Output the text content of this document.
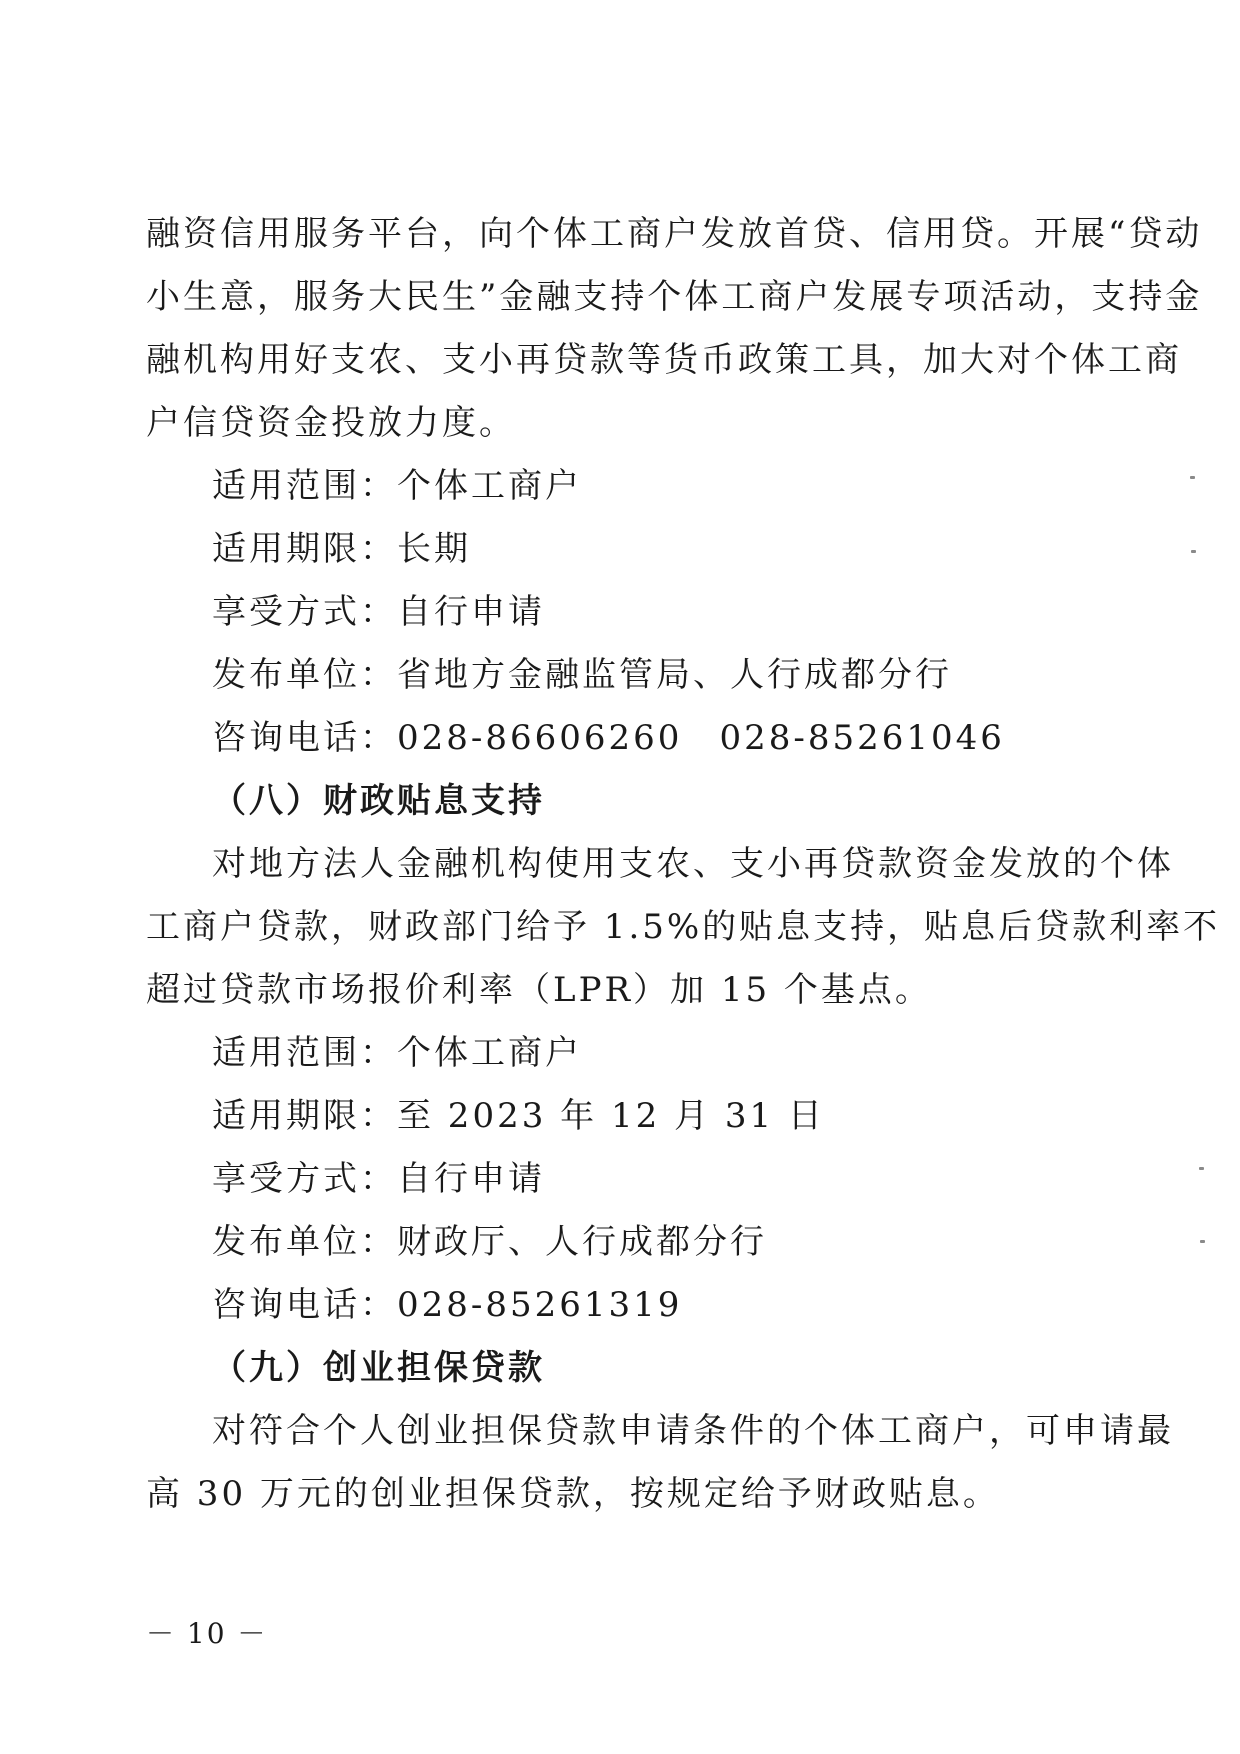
融资信用服务平台，向个体工商户发放首贷、信用贷。开展“贷动
小生意，服务大民生”金融支持个体工商户发展专项活动，支持金
融机构用好支农、支小再贷款等货币政策工具，加大对个体工商
户信贷资金投放力度。
适用范围：个体工商户
适用期限：长期
享受方式：自行申请
发布单位：省地方金融监管局、人行成都分行
咨询电话：028-86606260　028-85261046
（八）财政贴息支持
对地方法人金融机构使用支农、支小再贷款资金发放的个体
工商户贷款，财政部门给予 1.5%的贴息支持，贴息后贷款利率不
超过贷款市场报价利率（LPR）加 15 个基点。
适用范围：个体工商户
适用期限：至 2023 年 12 月 31 日
享受方式：自行申请
发布单位：财政厅、人行成都分行
咨询电话：028-85261319
（九）创业担保贷款
对符合个人创业担保贷款申请条件的个体工商户，可申请最
高 30 万元的创业担保贷款，按规定给予财政贴息。
－ 10 －
